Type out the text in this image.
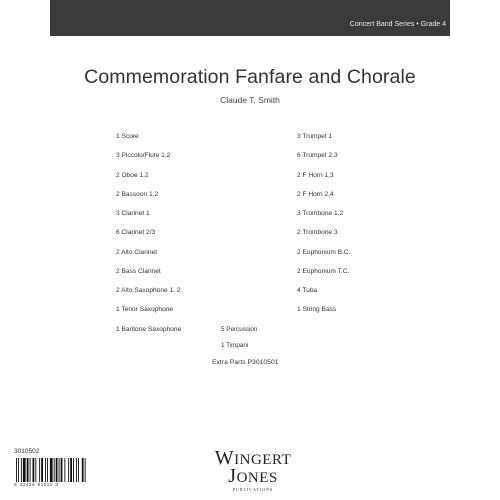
Concert Band Series • Grade 4
Commemoration Fanfare and Chorale
Claude T. Smith
1 Score
3 Piccolo/Flute 1,2
2 Oboe 1,2
2 Bassoon 1,2
3 Clarinet 1
6 Clarinet 2/3
2 Alto Clarinet
2 Bass Clarinet
2 Alto Saxophone 1, 2
1 Tenor Saxophone
1 Baritone Saxophone
3 Trumpet 1
6 Trumpet 2,3
2 F Horn 1,3
2 F Horn 2,4
3 Trombone 1,2
2 Trombone 3
2 Euphonium B.C.
2 Euphonium T.C.
4 Tuba
1 String Bass
5 Percussion
1 Timpani
Extra Parts P3010501
WINGERT
JONES
PUBLICATIONS
3010502
8 22424 01211 3
